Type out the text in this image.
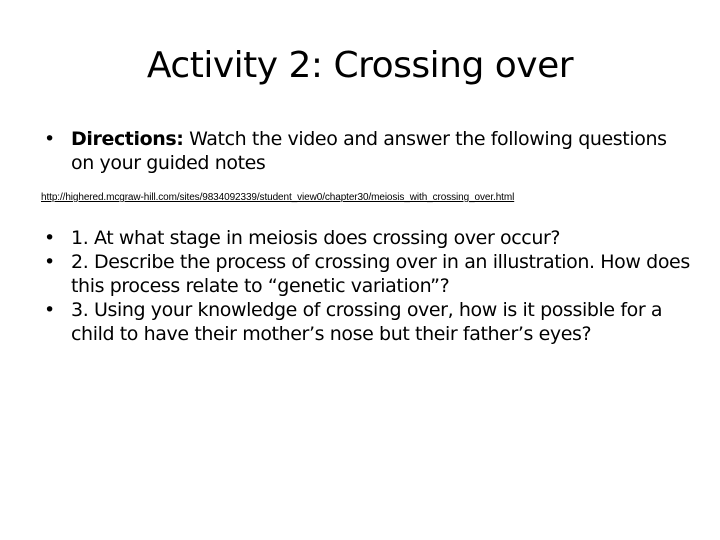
Activity 2: Crossing over
• Directions: Watch the video and answer the following questions on your guided notes
http://highered.mcgraw-hill.com/sites/9834092339/student_view0/chapter30/meiosis_with_crossing_over.html
• 1. At what stage in meiosis does crossing over occur?
• 2. Describe the process of crossing over in an illustration. How does this process relate to “genetic variation”?
• 3. Using your knowledge of crossing over, how is it possible for a child to have their mother’s nose but their father’s eyes?
